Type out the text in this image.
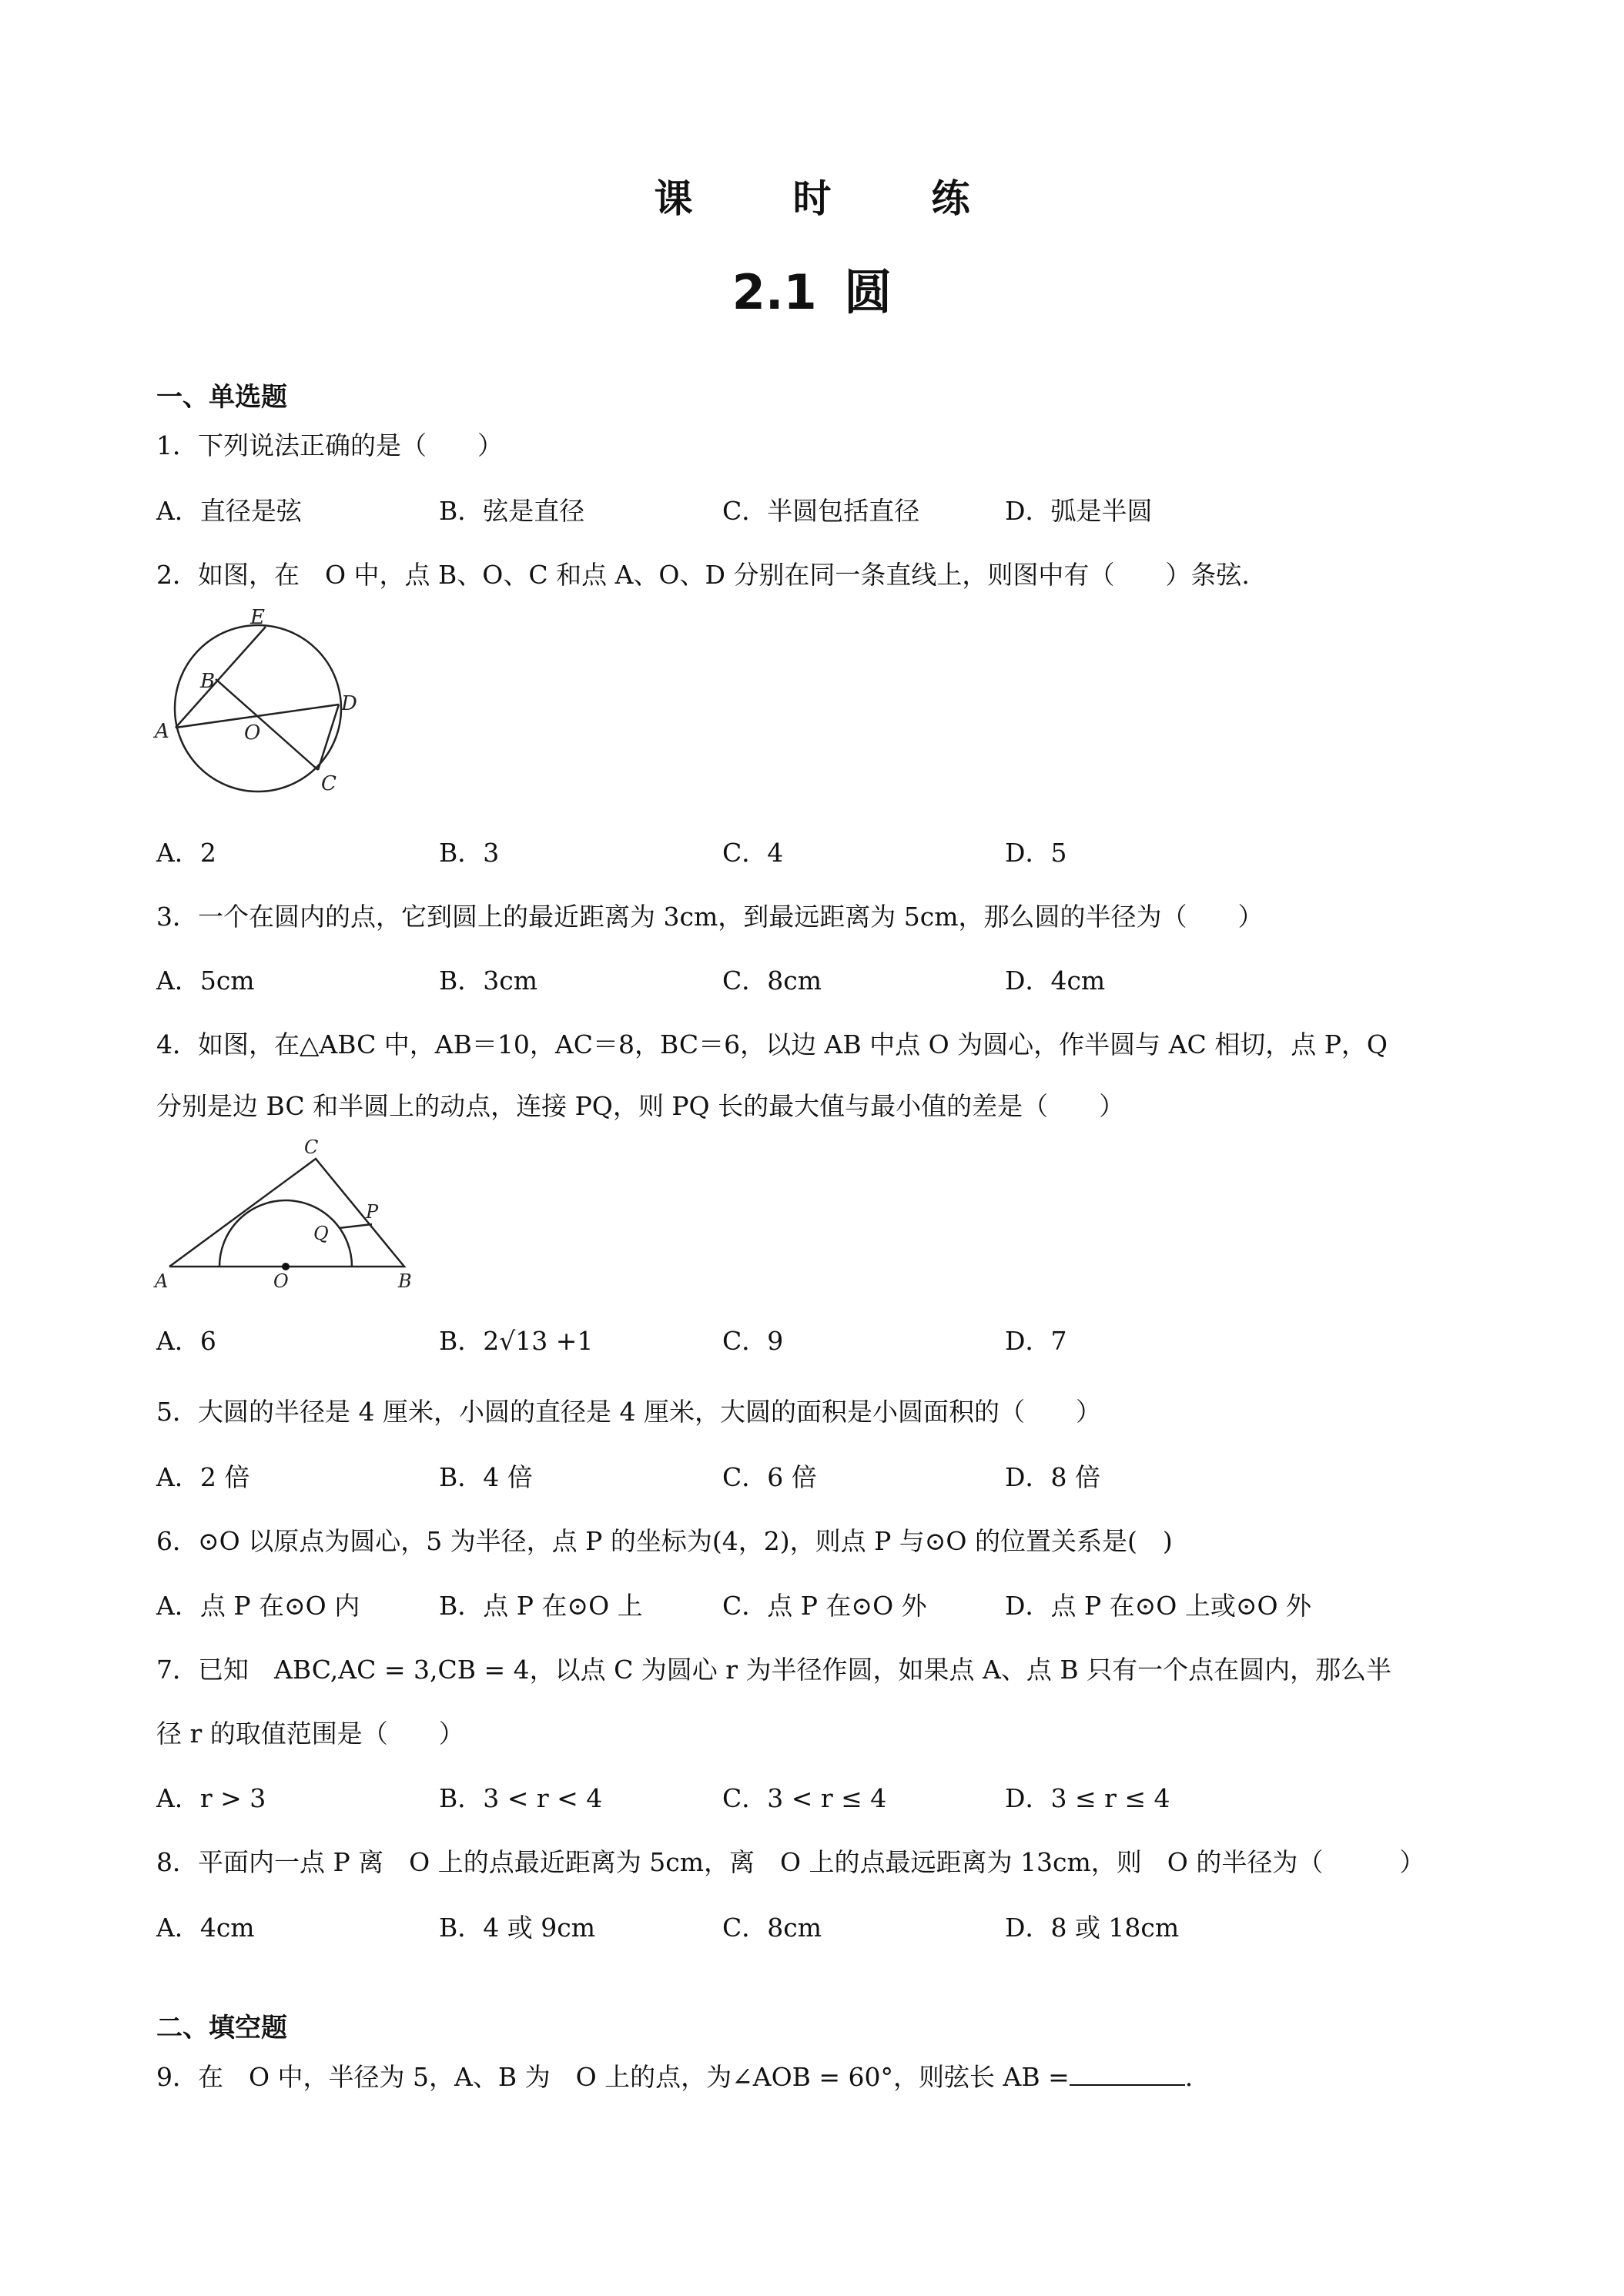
课　时　练
2.1 圆
一、单选题
1．下列说法正确的是（　　）
A．直径是弦	B．弦是直径	C．半圆包括直径	D．弧是半圆
2．如图，在　O 中，点 B、O、C 和点 A、O、D 分别在同一条直线上，则图中有（　　）条弦.
E
B
A	O
D
C
A．2	B．3	C．4	D．5
3．一个在圆内的点，它到圆上的最近距离为 3cm，到最远距离为 5cm，那么圆的半径为（　　）
A．5cm	B．3cm	C．8cm	D．4cm
4．如图，在△ABC 中，AB＝10，AC＝8，BC＝6，以边 AB 中点 O 为圆心，作半圆与 AC 相切，点 P，Q
分别是边 BC 和半圆上的动点，连接 PQ，则 PQ 长的最大值与最小值的差是（　　）
C
P
Q
A	O	B
A．6	B．2√13 +1	C．9	D．7
5．大圆的半径是 4 厘米，小圆的直径是 4 厘米，大圆的面积是小圆面积的（　　）
A．2 倍	B．4 倍	C．6 倍	D．8 倍
6．⊙O 以原点为圆心，5 为半径，点 P 的坐标为(4，2)，则点 P 与⊙O 的位置关系是(　)
A．点 P 在⊙O 内	B．点 P 在⊙O 上	C．点 P 在⊙O 外	D．点 P 在⊙O 上或⊙O 外
7．已知　ABC,AC = 3,CB = 4，以点 C 为圆心 r 为半径作圆，如果点 A、点 B 只有一个点在圆内，那么半
径 r 的取值范围是（　　）
A．r > 3	B．3 < r < 4	C．3 < r ≤ 4	D．3 ≤ r ≤ 4
8．平面内一点 P 离　O 上的点最近距离为 5cm，离　O 上的点最远距离为 13cm，则　O 的半径为（　　　）
A．4cm	B．4 或 9cm	C．8cm	D．8 或 18cm
二、填空题
9．在　O 中，半径为 5，A、B 为　O 上的点，为∠AOB = 60°，则弦长 AB =	.
